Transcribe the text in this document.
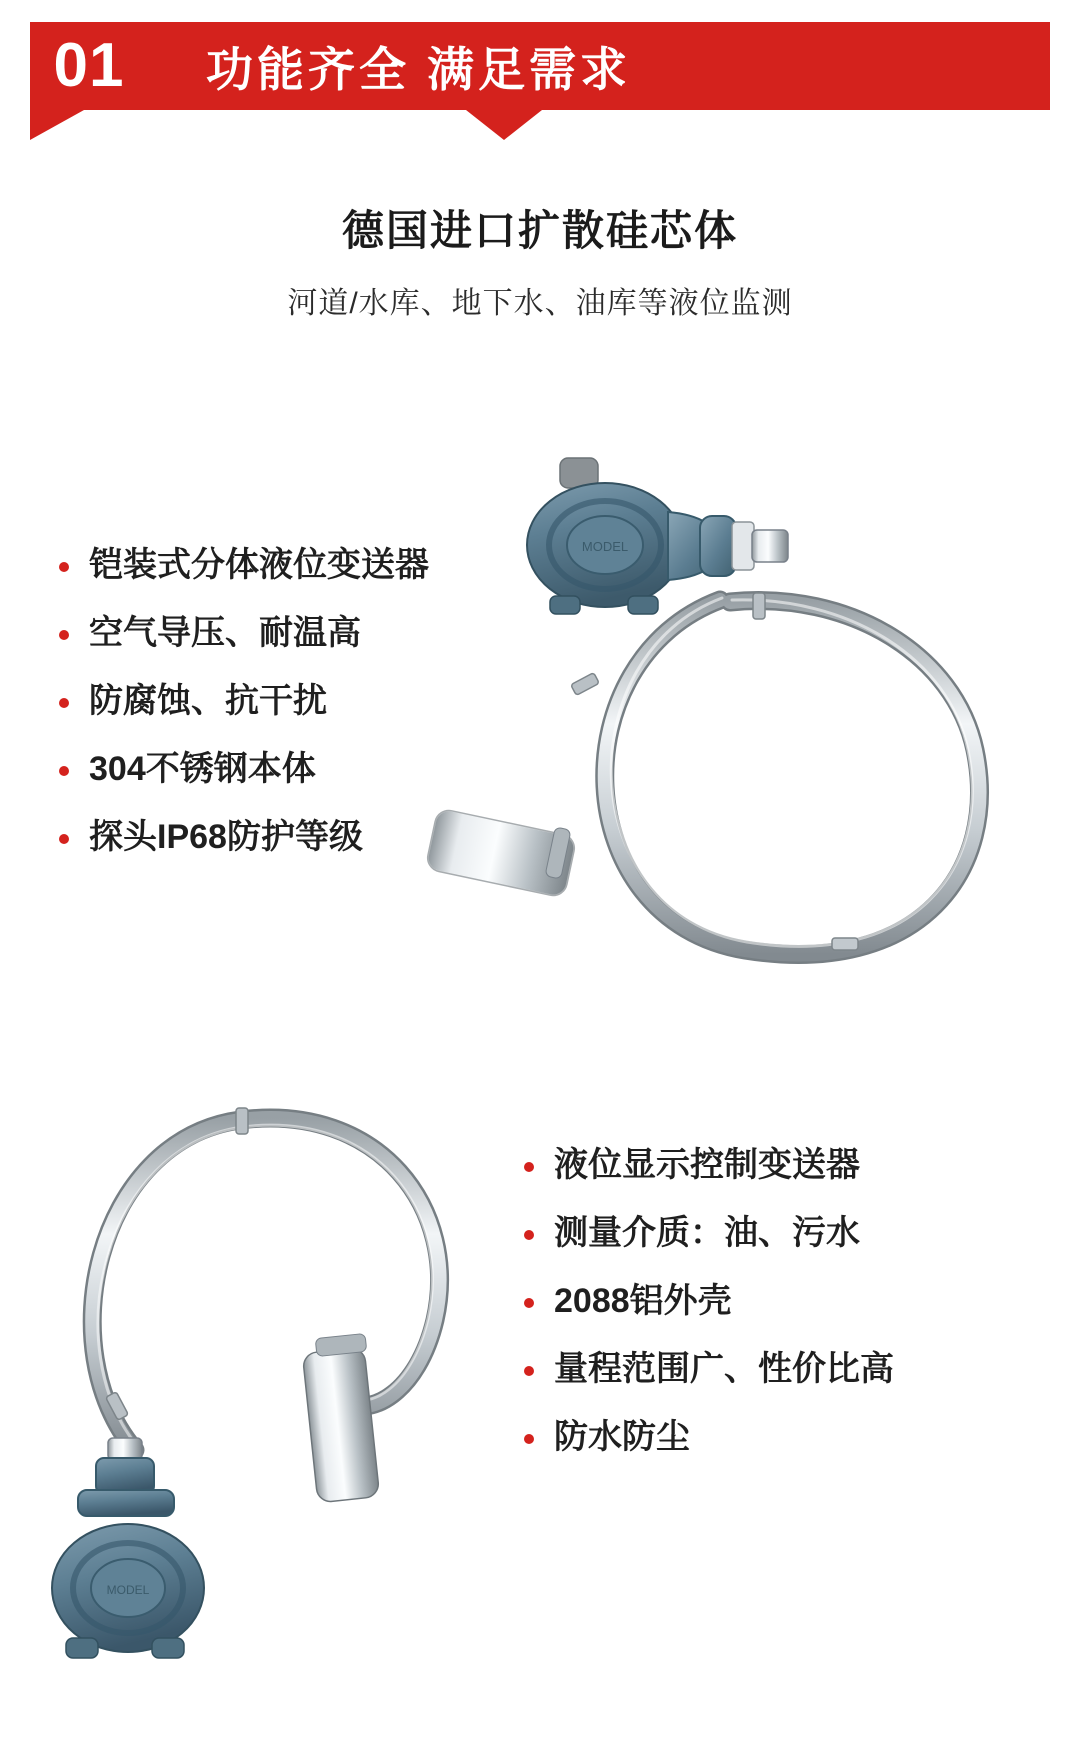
01 功能齐全 满足需求
德国进口扩散硅芯体
河道/水库、地下水、油库等液位监测
MODEL
铠装式分体液位变送器
空气导压、耐温高
防腐蚀、抗干扰
304不锈钢本体
探头IP68防护等级
MODEL
液位显示控制变送器
测量介质：油、污水
2088铝外壳
量程范围广、性价比高
防水防尘
